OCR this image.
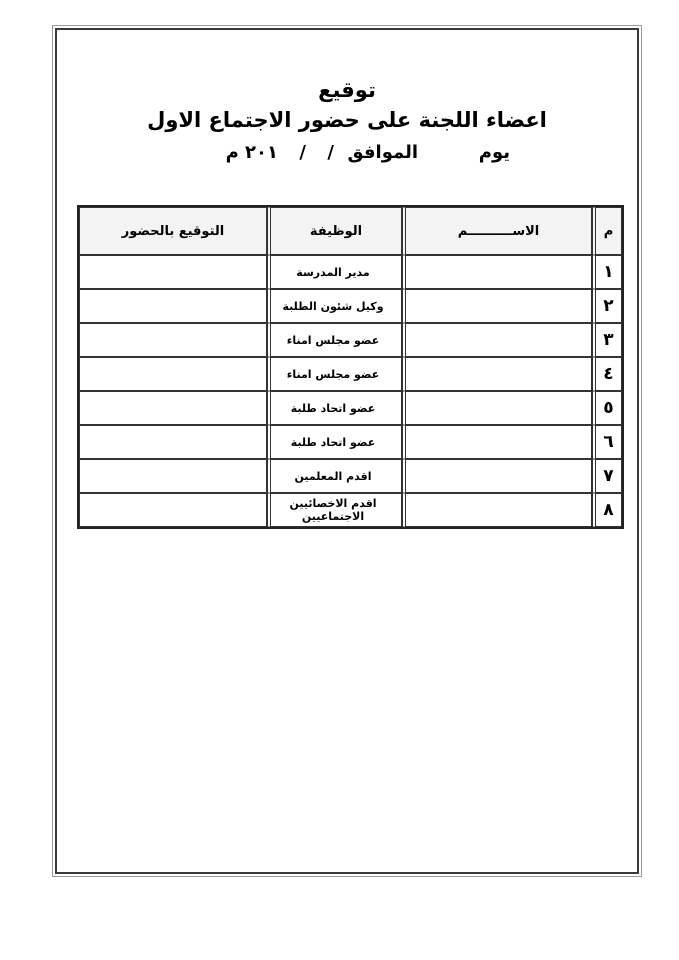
توقيع
اعضاء اللجنة على حضور الاجتماع الاول
يوم
الموافق
/
/
٢٠١ م
م	الاســــــــــم	الوظيفة	التوقيع بالحضور
١		مدير المدرسة	
٢		وكيل شئون الطلبة	
٣		عضو مجلس امناء	
٤		عضو مجلس امناء	
٥		عضو اتحاد طلبة	
٦		عضو اتحاد طلبة	
٧		اقدم المعلمين	
٨		اقدم الاخصائيين الاجتماعيين	
